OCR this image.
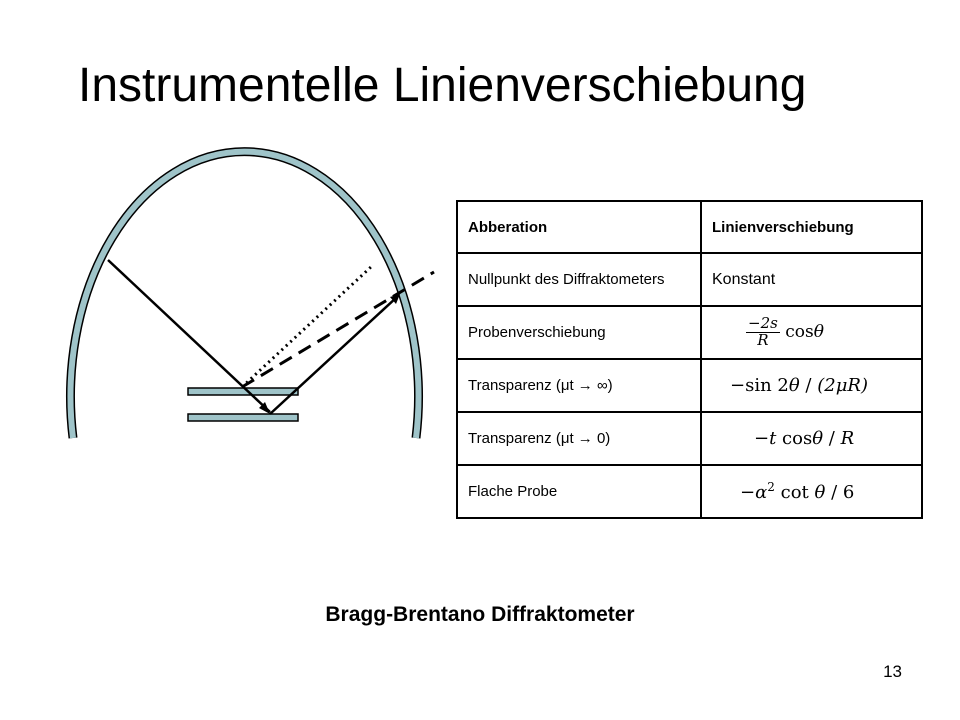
Instrumentelle Linienverschiebung
Abberation	Linienverschiebung
Nullpunkt des Diffraktometers	Konstant
Probenverschiebung	$\frac{-2s}{R}$ cosθ
Transparenz (μt → ∞)	−sin 2θ / (2μR)
Transparenz (μt → 0)	−t cosθ / R
Flache Probe	$-\alpha^2$ cot θ / 6
Bragg-Brentano Diffraktometer
13
